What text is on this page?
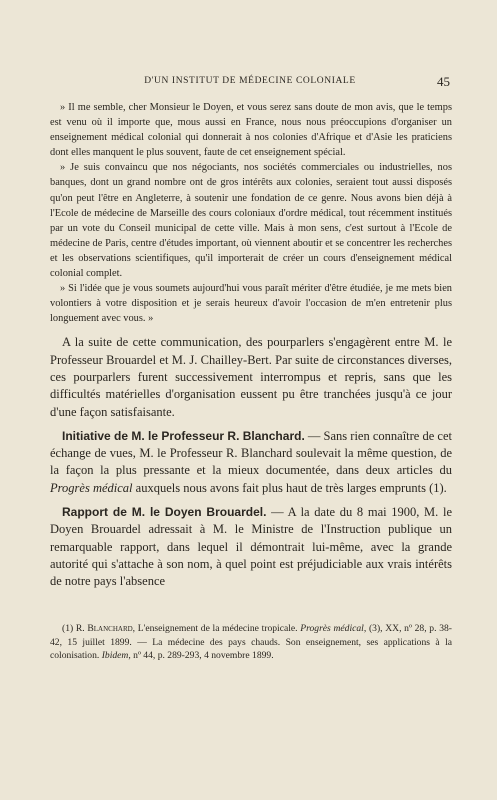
D'UN INSTITUT DE MÉDECINE COLONIALE	45

» Il me semble, cher Monsieur le Doyen, et vous serez sans doute de mon avis, que le temps est venu où il importe que, mous aussi en France, nous nous préoccupions d'organiser un enseignement médical colonial qui donnerait à nos colonies d'Afrique et d'Asie les praticiens dont elles manquent le plus souvent, faute de cet enseignement spécial.

» Je suis convaincu que nos négociants, nos sociétés commerciales ou industrielles, nos banques, dont un grand nombre ont de gros intérêts aux colonies, seraient tout aussi disposés qu'on peut l'être en Angleterre, à soutenir une fondation de ce genre. Nous avons bien déjà à l'Ecole de médecine de Marseille des cours coloniaux d'ordre médical, tout récemment institués par un vote du Conseil municipal de cette ville. Mais à mon sens, c'est surtout à l'Ecole de médecine de Paris, centre d'études important, où viennent aboutir et se concentrer les recherches et les observations scientifiques, qu'il importerait de créer un cours d'enseignement médical colonial complet.

» Si l'idée que je vous soumets aujourd'hui vous paraît mériter d'être étudiée, je me mets bien volontiers à votre disposition et je serais heureux d'avoir l'occasion de m'en entretenir plus longuement avec vous. »

A la suite de cette communication, des pourparlers s'engagèrent entre M. le Professeur Brouardel et M. J. Chailley-Bert. Par suite de circonstances diverses, ces pourparlers furent successivement interrompus et repris, sans que les difficultés matérielles d'organisation eussent pu être tranchées jusqu'à ce jour d'une façon satisfaisante.

Initiative de M. le Professeur R. Blanchard. — Sans rien connaître de cet échange de vues, M. le Professeur R. Blanchard soulevait la même question, de la façon la plus pressante et la mieux documentée, dans deux articles du Progrès médical auxquels nous avons fait plus haut de très larges emprunts (1).

Rapport de M. le Doyen Brouardel. — A la date du 8 mai 1900, M. le Doyen Brouardel adressait à M. le Ministre de l'Instruction publique un remarquable rapport, dans lequel il démontrait lui-même, avec la grande autorité qui s'attache à son nom, à quel point est préjudiciable aux vrais intérêts de notre pays l'absence

(1) R. Blanchard, L'enseignement de la médecine tropicale. Progrès médical, (3), XX, nº 28, p. 38-42, 15 juillet 1899. — La médecine des pays chauds. Son enseignement, ses applications à la colonisation. Ibidem, nº 44, p. 289-293, 4 novembre 1899.
